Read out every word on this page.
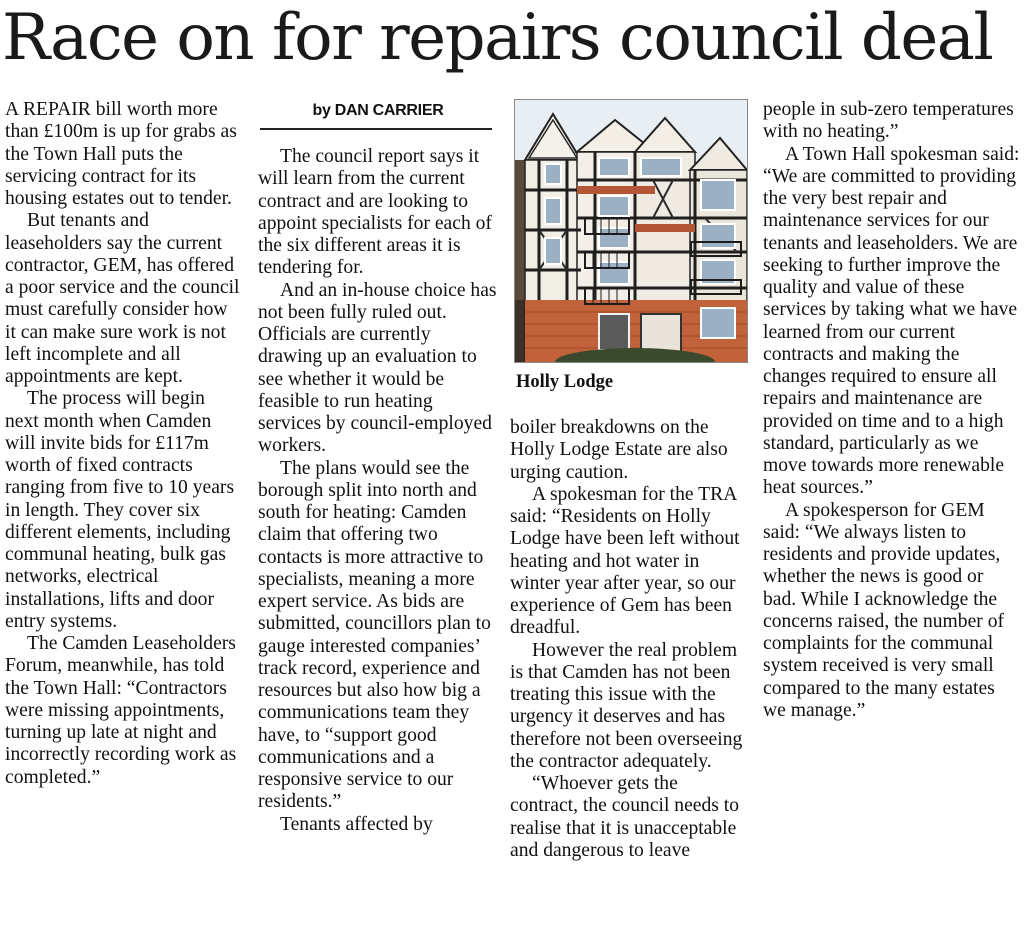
Race on for repairs council deal

A REPAIR bill worth more than £100m is up for grabs as the Town Hall puts the servicing contract for its housing estates out to tender.

But tenants and leaseholders say the current contractor, GEM, has offered a poor service and the council must carefully consider how it can make sure work is not left incomplete and all appointments are kept.

The process will begin next month when Camden will invite bids for £117m worth of fixed contracts ranging from five to 10 years in length. They cover six different elements, including communal heating, bulk gas networks, electrical installations, lifts and door entry systems.

The Camden Leaseholders Forum, meanwhile, has told the Town Hall: “Contractors were missing appointments, turning up late at night and incorrectly recording work as completed.”

by DAN CARRIER

The council report says it will learn from the current contract and are looking to appoint specialists for each of the six different areas it is tendering for.

And an in-house choice has not been fully ruled out. Officials are currently drawing up an evaluation to see whether it would be feasible to run heating services by council-employed workers.

The plans would see the borough split into north and south for heating: Camden claim that offering two contacts is more attractive to specialists, meaning a more expert service. As bids are submitted, councillors plan to gauge interested companies’ track record, experience and resources but also how big a communications team they have, to “support good communications and a responsive service to our residents.”

Tenants affected by

Holly Lodge

boiler breakdowns on the Holly Lodge Estate are also urging caution.

A spokesman for the TRA said: “Residents on Holly Lodge have been left without heating and hot water in winter year after year, so our experience of Gem has been dreadful.

However the real problem is that Camden has not been treating this issue with the urgency it deserves and has therefore not been overseeing the contractor adequately.

“Whoever gets the contract, the council needs to realise that it is unacceptable and dangerous to leave

people in sub-zero temperatures with no heating.”

A Town Hall spokesman said: “We are committed to providing the very best repair and maintenance services for our tenants and leaseholders. We are seeking to further improve the quality and value of these services by taking what we have learned from our current contracts and making the changes required to ensure all repairs and maintenance are provided on time and to a high standard, particularly as we move towards more renewable heat sources.”

A spokesperson for GEM said: “We always listen to residents and provide updates, whether the news is good or bad. While I acknowledge the concerns raised, the number of complaints for the communal system received is very small compared to the many estates we manage.”
